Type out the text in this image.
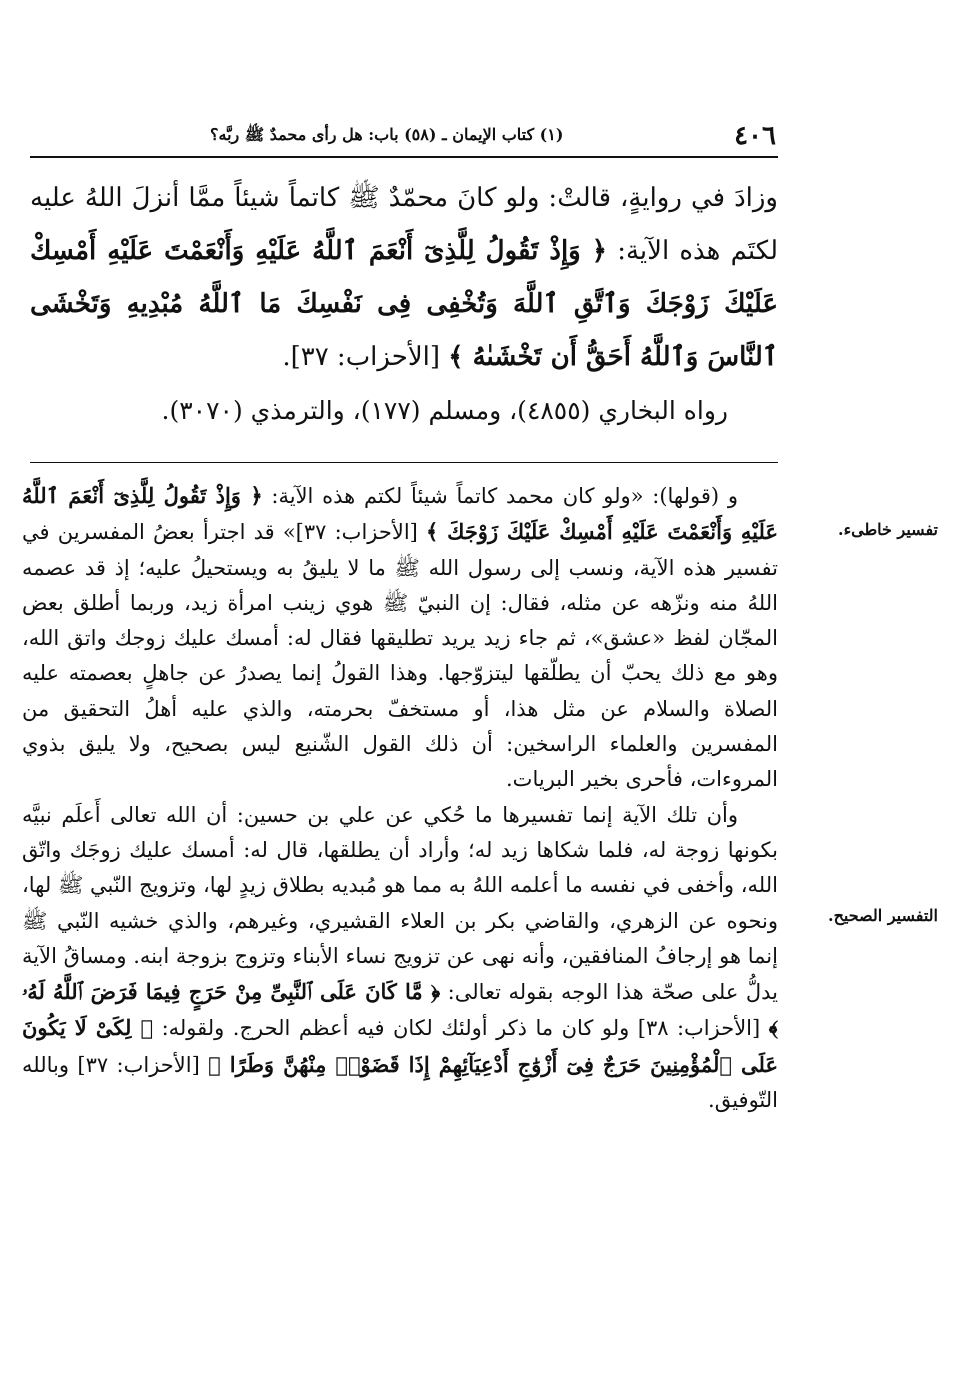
٤٠٦
(١) كتاب الإيمان ـ (٥٨) باب: هل رأى محمدٌ ﷺ ربَّه؟

وزادَ في روايةٍ، قالتْ: ولو كانَ محمّدٌ ﷺ كاتماً شيئاً ممَّا أنزلَ اللهُ عليه لكتَم هذه الآية: ﴿ وَإِذْ تَقُولُ لِلَّذِىٓ أَنْعَمَ ٱللَّهُ عَلَيْهِ وَأَنْعَمْتَ عَلَيْهِ أَمْسِكْ عَلَيْكَ زَوْجَكَ وَٱتَّقِ ٱللَّهَ وَتُخْفِى فِى نَفْسِكَ مَا ٱللَّهُ مُبْدِيهِ وَتَخْشَى ٱلنَّاسَ وَٱللَّهُ أَحَقُّ أَن تَخْشَىٰهُ ﴾ [الأحزاب: ٣٧].

رواه البخاري (٤٨٥٥)، ومسلم (١٧٧)، والترمذي (٣٠٧٠).

تفسير خاطىء.
التفسير الصحيح.

و (قولها): «ولو كان محمد كاتماً شيئاً لكتم هذه الآية: ﴿ وَإِذْ تَقُولُ لِلَّذِىٓ أَنْعَمَ ٱللَّهُ عَلَيْهِ وَأَنْعَمْتَ عَلَيْهِ أَمْسِكْ عَلَيْكَ زَوْجَكَ ﴾ [الأحزاب: ٣٧]» قد اجترأ بعضُ المفسرين في تفسير هذه الآية، ونسب إلى رسول الله ﷺ ما لا يليقُ به ويستحيلُ عليه؛ إذ قد عصمه اللهُ منه ونزّهه عن مثله، فقال: إن النبيّ ﷺ هوي زينب امرأة زيد، وربما أطلق بعض المجّان لفظ «عشق»، ثم جاء زيد يريد تطليقها فقال له: أمسك عليك زوجك واتق الله، وهو مع ذلك يحبّ أن يطلّقها ليتزوّجها. وهذا القولُ إنما يصدرُ عن جاهلٍ بعصمته عليه الصلاة والسلام عن مثل هذا، أو مستخفّ بحرمته، والذي عليه أهلُ التحقيق من المفسرين والعلماء الراسخين: أن ذلك القول الشّنيع ليس بصحيح، ولا يليق بذوي المروءات، فأحرى بخير البريات.

وأن تلك الآية إنما تفسيرها ما حُكي عن علي بن حسين: أن الله تعالى أَعلَم نبيَّه بكونها زوجة له، فلما شكاها زيد له؛ وأراد أن يطلقها، قال له: أمسك عليك زوجَك واتّق الله، وأخفى في نفسه ما أعلمه اللهُ به مما هو مُبديه بطلاق زيدٍ لها، وتزويج النّبي ﷺ لها، ونحوه عن الزهري، والقاضي بكر بن العلاء القشيري، وغيرهم، والذي خشيه النّبي ﷺ إنما هو إرجافُ المنافقين، وأنه نهى عن تزويج نساء الأبناء وتزوج بزوجة ابنه. ومساقُ الآية يدلُّ على صحّة هذا الوجه بقوله تعالى: ﴿ مَّا كَانَ عَلَى ٱلنَّبِىِّ مِنْ حَرَجٍ فِيمَا فَرَضَ ٱللَّهُ لَهُۥ ﴾ [الأحزاب: ٣٨] ولو كان ما ذكر أولئك لكان فيه أعظم الحرج. ولقوله: ﴿ لِكَىْ لَا يَكُونَ عَلَى ٱلْمُؤْمِنِينَ حَرَجٌ فِىٓ أَزْوَٰجِ أَدْعِيَآئِهِمْ إِذَا قَضَوْا۟ مِنْهُنَّ وَطَرًا ﴾ [الأحزاب: ٣٧] وبالله التّوفيق.
